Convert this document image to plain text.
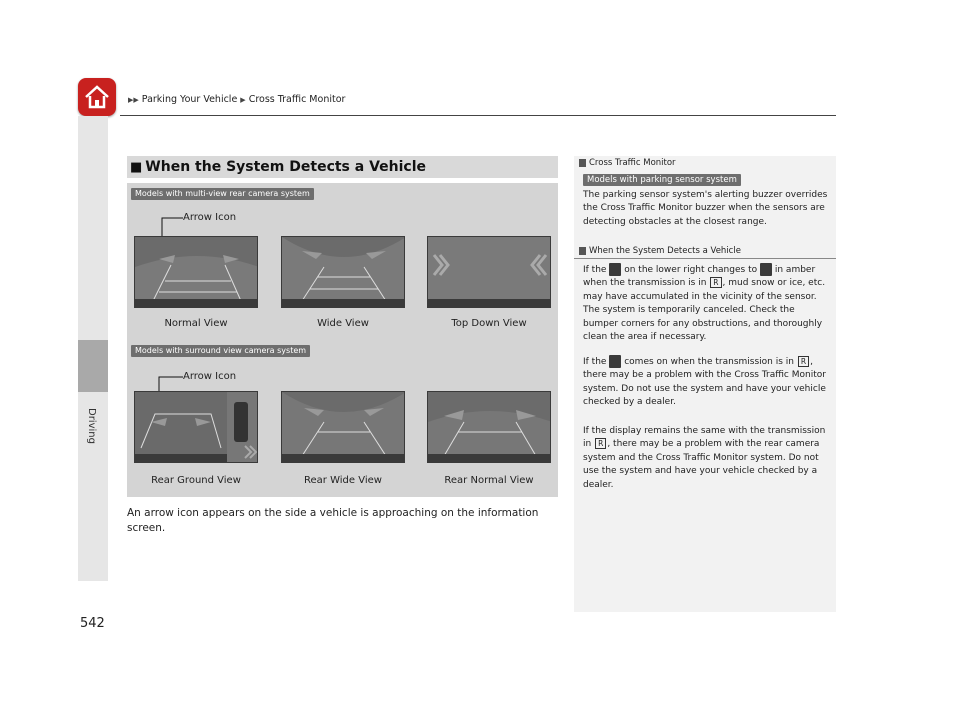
▶▶ Parking Your Vehicle ▶ Cross Traffic Monitor
Driving
542
■ When the System Detects a Vehicle
Models with multi-view rear camera system
Arrow Icon
Normal View	Wide View	Top Down View
Models with surround view camera system
Arrow Icon
Rear Ground View	Rear Wide View	Rear Normal View
An arrow icon appears on the side a vehicle is approaching on the information screen.
Cross Traffic Monitor
Models with parking sensor system
The parking sensor system's alerting buzzer overrides the Cross Traffic Monitor buzzer when the sensors are detecting obstacles at the closest range.
When the System Detects a Vehicle
If the on the lower right changes to in amber when the transmission is in R , mud snow or ice, etc. may have accumulated in the vicinity of the sensor. The system is temporarily canceled. Check the bumper corners for any obstructions, and thoroughly clean the area if necessary.
If the comes on when the transmission is in R , there may be a problem with the Cross Traffic Monitor system. Do not use the system and have your vehicle checked by a dealer.
If the display remains the same with the transmission in R , there may be a problem with the rear camera system and the Cross Traffic Monitor system. Do not use the system and have your vehicle checked by a dealer.
